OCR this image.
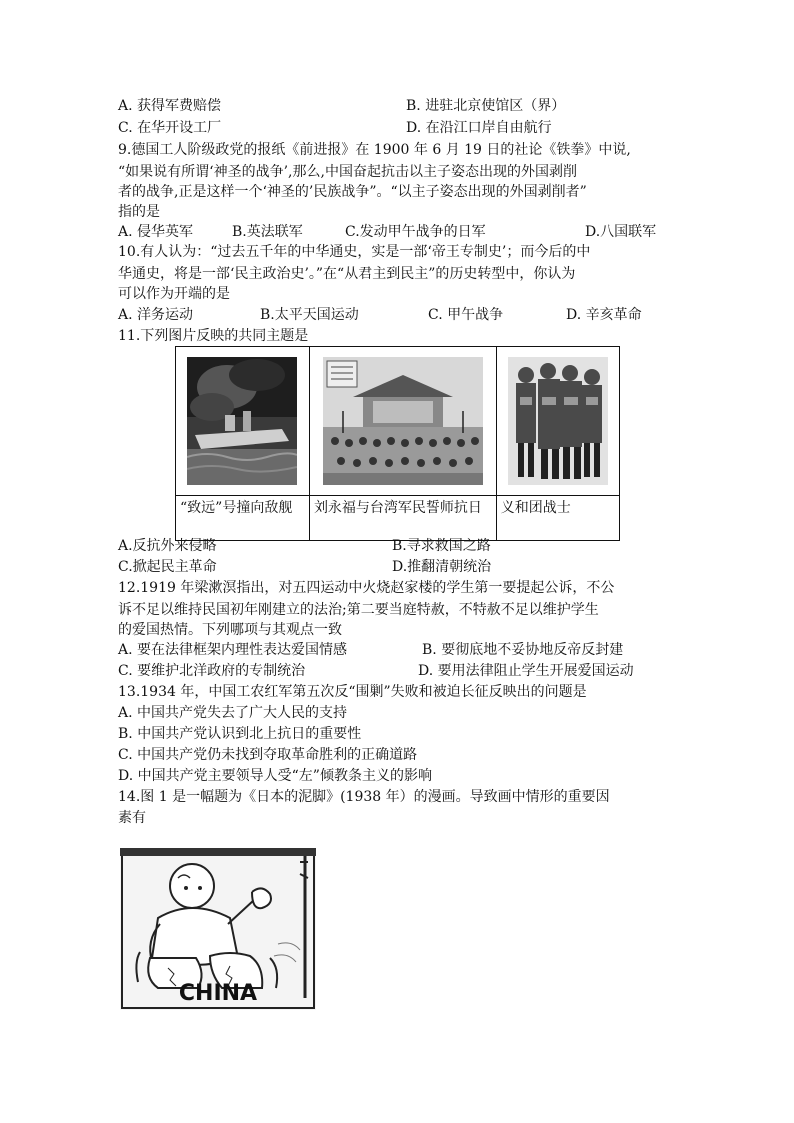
A. 获得军费赔偿	B. 进驻北京使馆区（界）
C. 在华开设工厂	D. 在沿江口岸自由航行
9.德国工人阶级政党的报纸《前进报》在 1900 年 6 月 19 日的社论《铁拳》中说,
“如果说有所谓‘神圣的战争’,那么,中国奋起抗击以主子姿态出现的外国剥削
者的战争,正是这样一个‘神圣的’民族战争”。“以主子姿态出现的外国剥削者”
指的是
A. 侵华英军	B.英法联军	C.发动甲午战争的日军	D.八国联军
10.有人认为：“过去五千年的中华通史，实是一部‘帝王专制史’；而今后的中
华通史，将是一部‘民主政治史’。”在“从君主到民主”的历史转型中，你认为
可以作为开端的是
A. 洋务运动	B.太平天国运动	C. 甲午战争	D. 辛亥革命
11.下列图片反映的共同主题是

“致远”号撞向敌舰	刘永福与台湾军民誓师抗日	义和团战士
A.反抗外来侵略	B.寻求救国之路
C.掀起民主革命	D.推翻清朝统治
12.1919 年梁漱溟指出，对五四运动中火烧赵家楼的学生第一要提起公诉，不公
诉不足以维持民国初年刚建立的法治;第二要当庭特赦，不特赦不足以维护学生
的爱国热情。下列哪项与其观点一致
A. 要在法律框架内理性表达爱国情感	B. 要彻底地不妥协地反帝反封建
C. 要维护北洋政府的专制统治	D. 要用法律阻止学生开展爱国运动
13.1934 年，中国工农红军第五次反“围剿”失败和被迫长征反映出的问题是
A. 中国共产党失去了广大人民的支持
B. 中国共产党认识到北上抗日的重要性
C. 中国共产党仍未找到夺取革命胜利的正确道路
D. 中国共产党主要领导人受“左”倾教条主义的影响
14.图 1 是一幅题为《日本的泥脚》(1938 年）的漫画。导致画中情形的重要因
素有
CHINA
